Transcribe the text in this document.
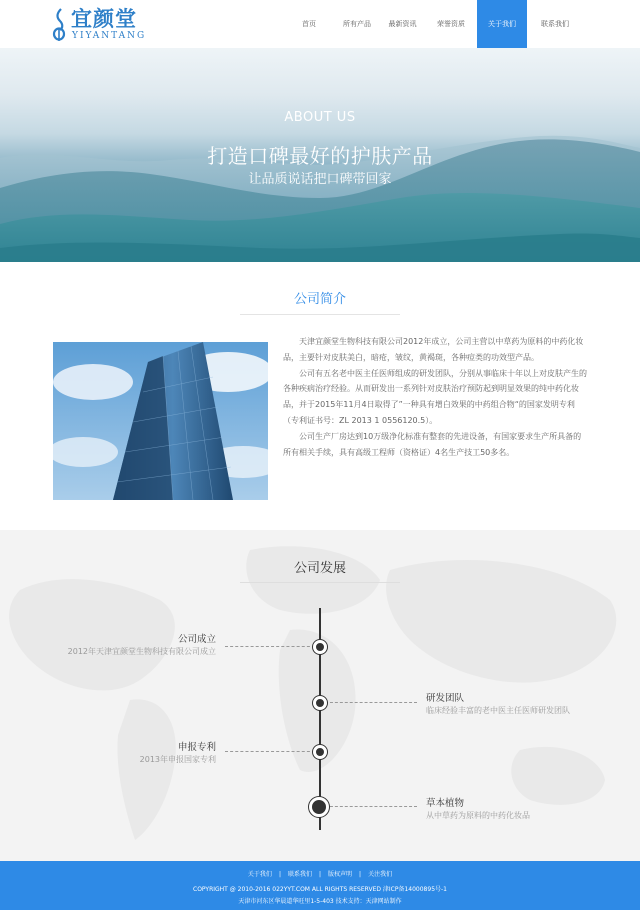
宜颜堂
YIYANTANG
首页	所有产品	最新资讯	荣誉资质	关于我们	联系我们
ABOUT US
打造口碑最好的护肤产品
让品质说话把口碑带回家
公司简介

天津宜颜堂生物科技有限公司2012年成立，公司主营以中草药为原料的中药化妆品，主要针对皮肤美白，暗疮，皱纹，黄褐斑，各种痘类的功效型产品。

公司有五名老中医主任医师组成的研发团队，分别从事临床十年以上对皮肤产生的各种疾病治疗经验。从而研发出一系列针对皮肤治疗预防起到明显效果的纯中药化妆品，并于2015年11月4日取得了”一种具有增白效果的中药组合物“的国家发明专利（专利证书号：ZL 2013 1 0556120.5）。

公司生产厂房达到10万级净化标准有整套的先进设备，有国家要求生产所具备的所有相关手续，具有高级工程师（资格证）4名生产技工50多名。

公司发展
公司成立
2012年天津宜颜堂生物科技有限公司成立
研发团队
临床经验丰富的老中医主任医师研发团队
申报专利
2013年申报国家专利
草本植物
从中草药为原料的中药化妆品
关于我们 | 联系我们 | 版权声明 | 关注我们
COPYRIGHT @ 2010-2016 022YYT.COM ALL RIGHTS RESERVED 津ICP备14000895号-1
天津市河东区华晨道华旺里1-5-403 技术支持：天津网站制作
